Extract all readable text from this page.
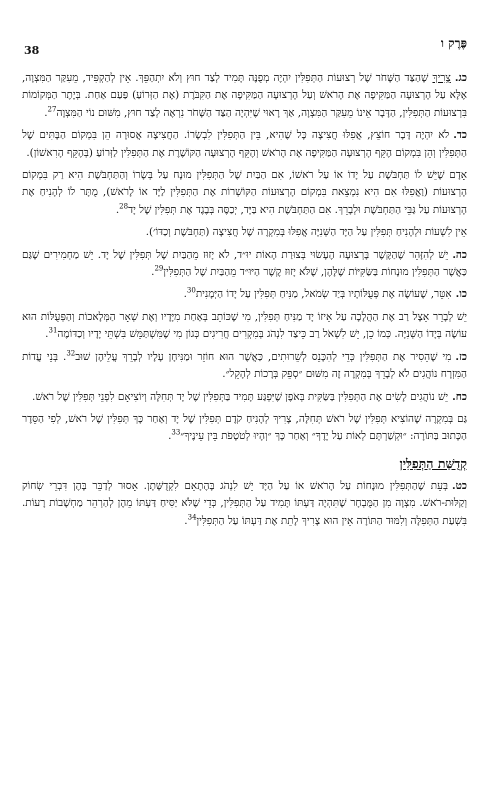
פֶּרֶק ו
38

כג.צָרִיךְ שֶׁהַצַּד הַשָּׁחֹר שֶׁל רְצוּעוֹת הַתְּפִלִּין יִהְיֶה מְפֻנֶּה תָּמִיד לְצַד חוּץ וְלֹא יִתְהַפֵּךְ. אֵין לְהַקְפִּיד, מֵעִקַּר הַמִּצְוָה, אֶלָּא עַל הָרְצוּעָה הַמַּקִּיפָה אֶת הָרֹאשׁ וְעַל הָרְצוּעָה הַמַּקִּיפָה אֶת הַקִּבֹּרֶת (אֶת הַזְּרוֹעַ) פַּעַם אַחַת. בְּיֶתֶר הַמְּקוֹמוֹת בִּרְצוּעוֹת הַתְּפִלִּין, הַדָּבָר אֵינוֹ מֵעִקַּר הַמִּצְוָה, אַךְ רָאוּי שֶׁיִּהְיֶה הַצַּד הַשָּׁחֹר נִרְאֶה לְצַד חוּץ, מִשּׁוּם נוֹי הַמִּצְוָה$^{27}$.

כד.לֹא יִהְיֶה דָּבָר חוֹצֵץ, אֲפִלּוּ חֲצִיצָה כָּל שֶׁהִיא, בֵּין הַתְּפִלִּין לִבְשָׂרוֹ. הַחֲצִיצָה אֲסוּרָה הֵן בִּמְקוֹם הַבָּתִּים שֶׁל הַתְּפִלִּין וְהֵן בִּמְקוֹם הֶקֵּף הָרְצוּעָה הַמַּקִּיפָה אֶת הָרֹאשׁ וְהֶקֵּף הָרְצוּעָה הַקּוֹשֶׁרֶת אֶת הַתְּפִלִּין לַזְּרוֹעַ (בְּהֶקֵּף הָרִאשׁוֹן).

אָדָם שֶׁיֵּשׁ לוֹ תַּחְבֹּשֶׁת עַל יָדוֹ אוֹ עַל רֹאשׁוֹ, אִם הַבַּיִת שֶׁל הַתְּפִלִּין מוּנָח עַל בְּשָׂרוֹ וְהַתַּחְבֹּשֶׁת הִיא רַק בִּמְקוֹם הָרְצוּעוֹת (וַאֲפִלּוּ אִם הִיא נִמְצֵאת בִּמְקוֹם הָרְצוּעוֹת הַקּוֹשְׁרוֹת אֶת הַתְּפִלִּין לַיָּד אוֹ לָרֹאשׁ), מֻתָּר לוֹ לְהָנִיחַ אֶת הָרְצוּעוֹת עַל גַּבֵּי הַתַּחְבֹּשֶׁת וּלְבָרֵךְ. אִם הַתַּחְבֹּשֶׁת הִיא בַּיָּד, יְכַסֶּה בְּבֶגֶד אֶת תְּפִלִּין שֶׁל יָד$^{28}$.

אֵין לִשְׁעוֹת וּלְהָנִיחַ תְּפִלִּין עַל הַיָּד הַשְּׁנִיָּה אֲפִלּוּ בְּמִקְרֶה שֶׁל חֲצִיצָה (תַּחְבֹּשֶׁת וְכַדּוֹ׳).

כה.יֵשׁ לְהִזָּהֵר שֶׁהַקֶּשֶׁר בָּרְצוּעָה הֶעָשׂוּי בְּצוּרַת הָאוֹת יוּ״ד, לֹא יָזוּז מֵהַבַּיִת שֶׁל תְּפִלִּין שֶׁל יָד. יֵשׁ מַחְמִירִים שֶׁגַּם כַּאֲשֶׁר הַתְּפִלִּין מוּנָחוֹת בַּשַּׂקִּיּוֹת שֶׁלָּהֶן, שֶׁלֹּא יָזוּז קֶשֶׁר הַיּוּ״ד מֵהַבַּיִת שֶׁל הַתְּפִלִּין$^{29}$.

כו.אִטֵּר, שֶׁעוֹשֶׂה אֶת פְּעֻלּוֹתָיו בְּיַד שְׂמֹאל, מַנִּיחַ תְּפִלִּין עַל יָדוֹ הַיְּמָנִית$^{30}$.

יֵשׁ לְבָרֵר אֵצֶל רַב אֶת הַהֲלָכָה עַל אֵיזוֹ יָד מַנִּיחַ תְּפִלִּין, מִי שֶׁכּוֹתֵב בְּאַחַת מִיָּדָיו וְאֶת שְׁאָר הַמְּלָאכוֹת וְהַפְּעֻלּוֹת הוּא עוֹשֶׂה בְּיָדוֹ הַשְּׁנִיָּה. כְּמוֹ כֵן, יֵשׁ לִשְׁאֹל רַב כֵּיצַד לִנְהֹג בְּמִקְרִים חֲרִיגִים כְּגוֹן מִי שֶׁמִּשְׁתַּמֵּשׁ בִּשְׁתֵּי יָדָיו וְכַדּוֹמֶה$^{31}$.

כז.מִי שֶׁהֵסִיר אֶת הַתְּפִלִּין כְּדֵי לְהִכָּנֵס לְשֵׁרוּתִים, כַּאֲשֶׁר הוּא חוֹזֵר וּמַנִּיחָן עָלָיו לְבָרֵךְ עֲלֵיהֶן שׁוּב$^{32}$. בְּנֵי עֲדוֹת הַמִּזְרָח נוֹהֲגִים לֹא לְבָרֵךְ בְּמִקְרֶה זֶה מִשּׁוּם ״סְפֵק בְּרָכוֹת לְהָקֵל״.

כח.יֵשׁ נוֹהֲגִים לָשִׂים אֶת הַתְּפִלִּין בַּשַּׂקִּית בְּאֹפֶן שֶׁיִּפְגַּע תָּמִיד בַּתְּפִלִּין שֶׁל יָד תְּחִלָּה וְיוֹצִיאָם לִפְנֵי תְּפִלִּין שֶׁל רֹאשׁ.

גַּם בְּמִקְרֶה שֶׁהוֹצִיא תְּפִלִּין שֶׁל רֹאשׁ תְּחִלָּה, צָרִיךְ לְהָנִיחַ קֹדֶם תְּפִלִּין שֶׁל יָד וְאַחַר כָּךְ תְּפִלִּין שֶׁל רֹאשׁ, לְפִי הַסֵּדֶר הַכָּתוּב בַּתּוֹרָה: ״וּקְשַׁרְתָּם לְאוֹת עַל יָדֶךָ״ וְאַחַר כָּךְ ״וְהָיוּ לְטֹטָפֹת בֵּין עֵינֶיךָ״$^{33}$.

קְדֻשַּׁת הַתְּפִלִּין

כט.בְּעֵת שֶׁהַתְּפִלִּין מוּנָחוֹת עַל הָרֹאשׁ אוֹ עַל הַיָּד יֵשׁ לִנְהֹג בָּהֶתָאֵם לִקְדֻשָּׁתָן. אָסוּר לְדַבֵּר בָּהֶן דִּבְרֵי שְׂחוֹק וְקַלּוּת-רֹאשׁ. מִצְוָה מִן הַמֻּבְחָר שֶׁתִּהְיֶה דַּעְתּוֹ תָּמִיד עַל הַתְּפִלִּין, כְּדֵי שֶׁלֹּא יַסִּיחַ דַּעְתּוֹ מֵהֶן לְהַרְהֵר מַחְשָׁבוֹת רָעוֹת. בִּשְׁעַת הַתְּפִלָּה וְלִמּוּד הַתּוֹרָה אֵין הוּא צָרִיךְ לָתֵת אֶת דַּעְתּוֹ עַל הַתְּפִלִּין$^{34}$.
